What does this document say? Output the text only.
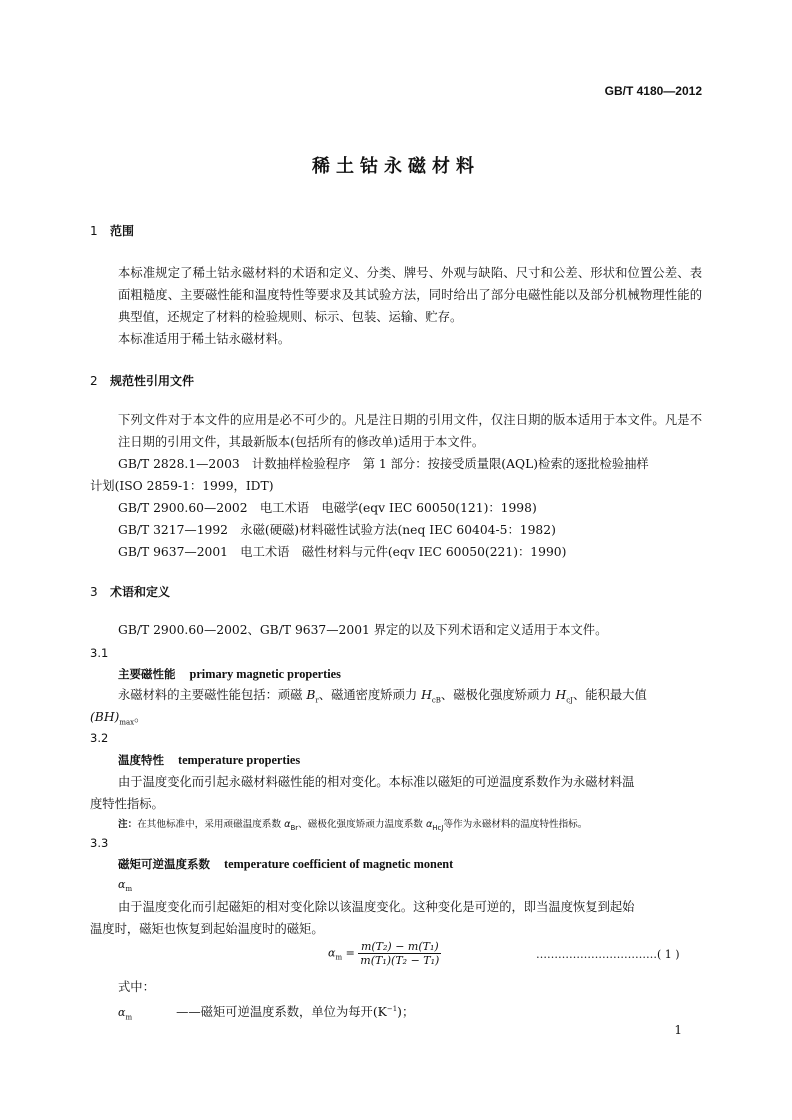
GB/T 4180—2012
稀土钴永磁材料
1 范围
本标准规定了稀土钴永磁材料的术语和定义、分类、牌号、外观与缺陷、尺寸和公差、形状和位置公差、表面粗糙度、主要磁性能和温度特性等要求及其试验方法，同时给出了部分电磁性能以及部分机械物理性能的典型值，还规定了材料的检验规则、标示、包装、运输、贮存。
本标准适用于稀土钴永磁材料。
2 规范性引用文件
下列文件对于本文件的应用是必不可少的。凡是注日期的引用文件，仅注日期的版本适用于本文件。凡是不注日期的引用文件，其最新版本(包括所有的修改单)适用于本文件。
GB/T 2828.1—2003　计数抽样检验程序　第 1 部分：按接受质量限(AQL)检索的逐批检验抽样
计划(ISO 2859-1：1999，IDT)
GB/T 2900.60—2002　电工术语　电磁学(eqv IEC 60050(121)：1998)
GB/T 3217—1992　永磁(硬磁)材料磁性试验方法(neq IEC 60404-5：1982)
GB/T 9637—2001　电工术语　磁性材料与元件(eqv IEC 60050(221)：1990)
3 术语和定义
GB/T 2900.60—2002、GB/T 9637—2001 界定的以及下列术语和定义适用于本文件。
3.1
主要磁性能 primary magnetic properties
永磁材料的主要磁性能包括：顽磁 $B_r$、磁通密度矫顽力 $H_{cB}$、磁极化强度矫顽力 $H_{cJ}$、能积最大值
$(BH)_{max}$。
3.2
温度特性 temperature properties
由于温度变化而引起永磁材料磁性能的相对变化。本标准以磁矩的可逆温度系数作为永磁材料温
度特性指标。
注：在其他标准中，采用顽磁温度系数 $\alpha_{Br}$、磁极化强度矫顽力温度系数 $\alpha_{HcJ}$等作为永磁材料的温度特性指标。
3.3
磁矩可逆温度系数 temperature coefficient of magnetic monent
$\alpha_m$
由于温度变化而引起磁矩的相对变化除以该温度变化。这种变化是可逆的，即当温度恢复到起始
温度时，磁矩也恢复到起始温度时的磁矩。
$\alpha_m = \frac{\text{m(T₂) − m(T₁)}}{\text{m(T₁)(T₂ − T₁)}}$	……………………………( 1 )
式中：
$\alpha_m$	——磁矩可逆温度系数，单位为每开$(K^{-1})$；
1
